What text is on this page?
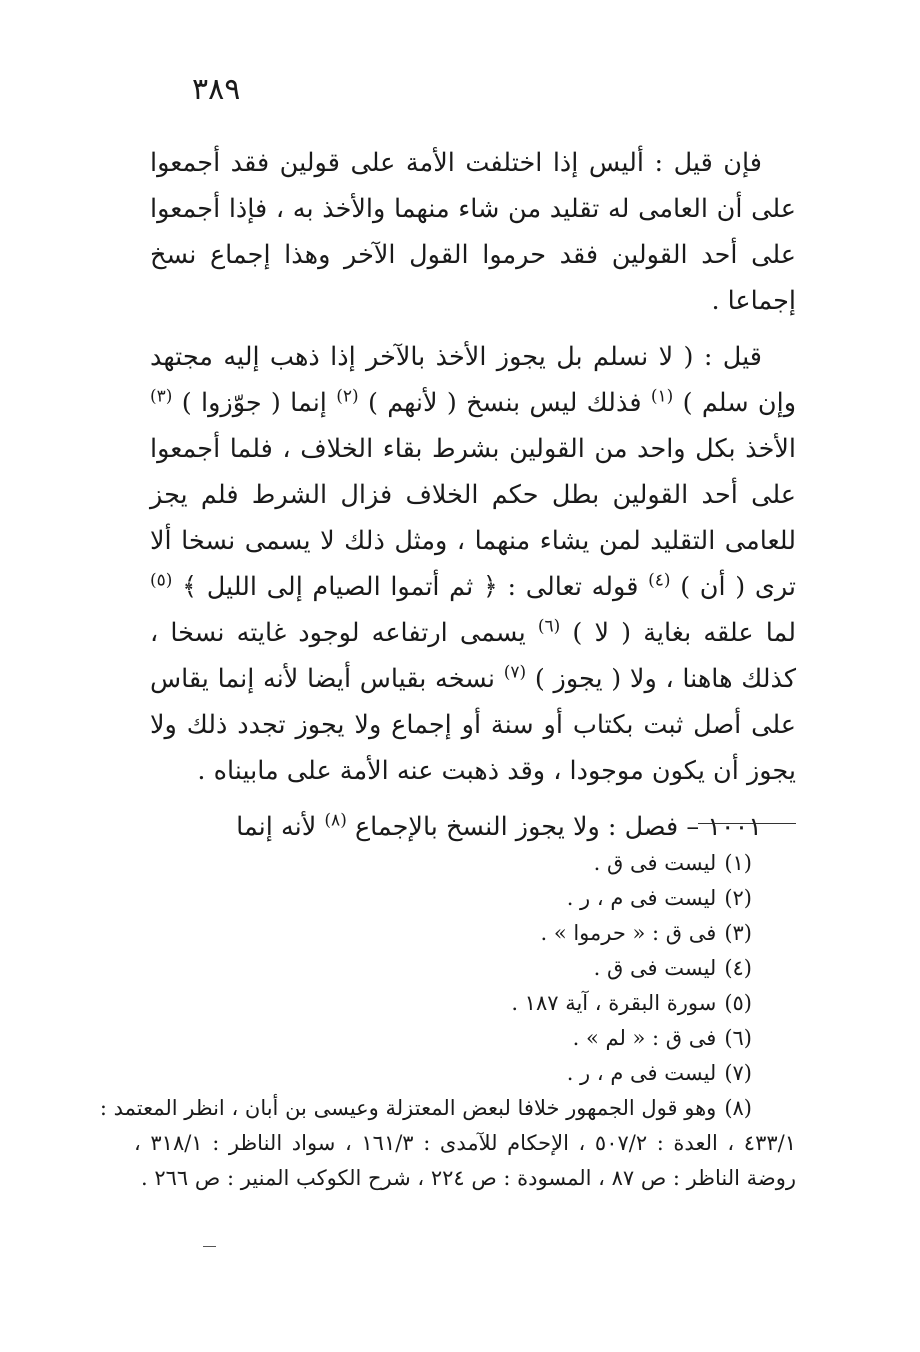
٣٨٩

فإن قيل : أليس إذا اختلفت الأمة على قولين فقد أجمعوا على أن العامى له تقليد من شاء منهما والأخذ به ، فإذا أجمعوا على أحد القولين فقد حرموا القول الآخر وهذا إجماع نسخ إجماعا .

قيل : ( لا نسلم بل يجوز الأخذ بالآخر إذا ذهب إليه مجتهد وإن سلم ) $^{(١)}$ فذلك ليس بنسخ ( لأنهم ) $^{(٢)}$ إنما ( جوّزوا ) $^{(٣)}$ الأخذ بكل واحد من القولين بشرط بقاء الخلاف ، فلما أجمعوا على أحد القولين بطل حكم الخلاف فزال الشرط فلم يجز للعامى التقليد لمن يشاء منهما ، ومثل ذلك لا يسمى نسخا ألا ترى ( أن ) $^{(٤)}$ قوله تعالى : ﴿ ثم أتموا الصيام إلى الليل ﴾ $^{(٥)}$ لما علقه بغاية ( لا ) $^{(٦)}$ يسمى ارتفاعه لوجود غايته نسخا ، كذلك هاهنا ، ولا ( يجوز ) $^{(٧)}$ نسخه بقياس أيضا لأنه إنما يقاس على أصل ثبت بكتاب أو سنة أو إجماع ولا يجوز تجدد ذلك ولا يجوز أن يكون موجودا ، وقد ذهبت عنه الأمة على مابيناه .

١٠٠١ – فصل : ولا يجوز النسخ بالإجماع $^{(٨)}$ لأنه إنما

(١)ليست فى ق .
(٢)ليست فى م ، ر .
(٣)فى ق : « حرموا » .
(٤)ليست فى ق .
(٥)سورة البقرة ، آية ١٨٧ .
(٦)فى ق : « لم » .
(٧)ليست فى م ، ر .
(٨)وهو قول الجمهور خلافا لبعض المعتزلة وعيسى بن أبان ، انظر المعتمد :
٤٣٣/١ ، العدة : ٥٠٧/٢ ، الإحكام للآمدى : ١٦١/٣ ، سواد الناظر : ٣١٨/١ ،
روضة الناظر : ص ٨٧ ، المسودة : ص ٢٢٤ ، شرح الكوكب المنير : ص ٢٦٦ .
